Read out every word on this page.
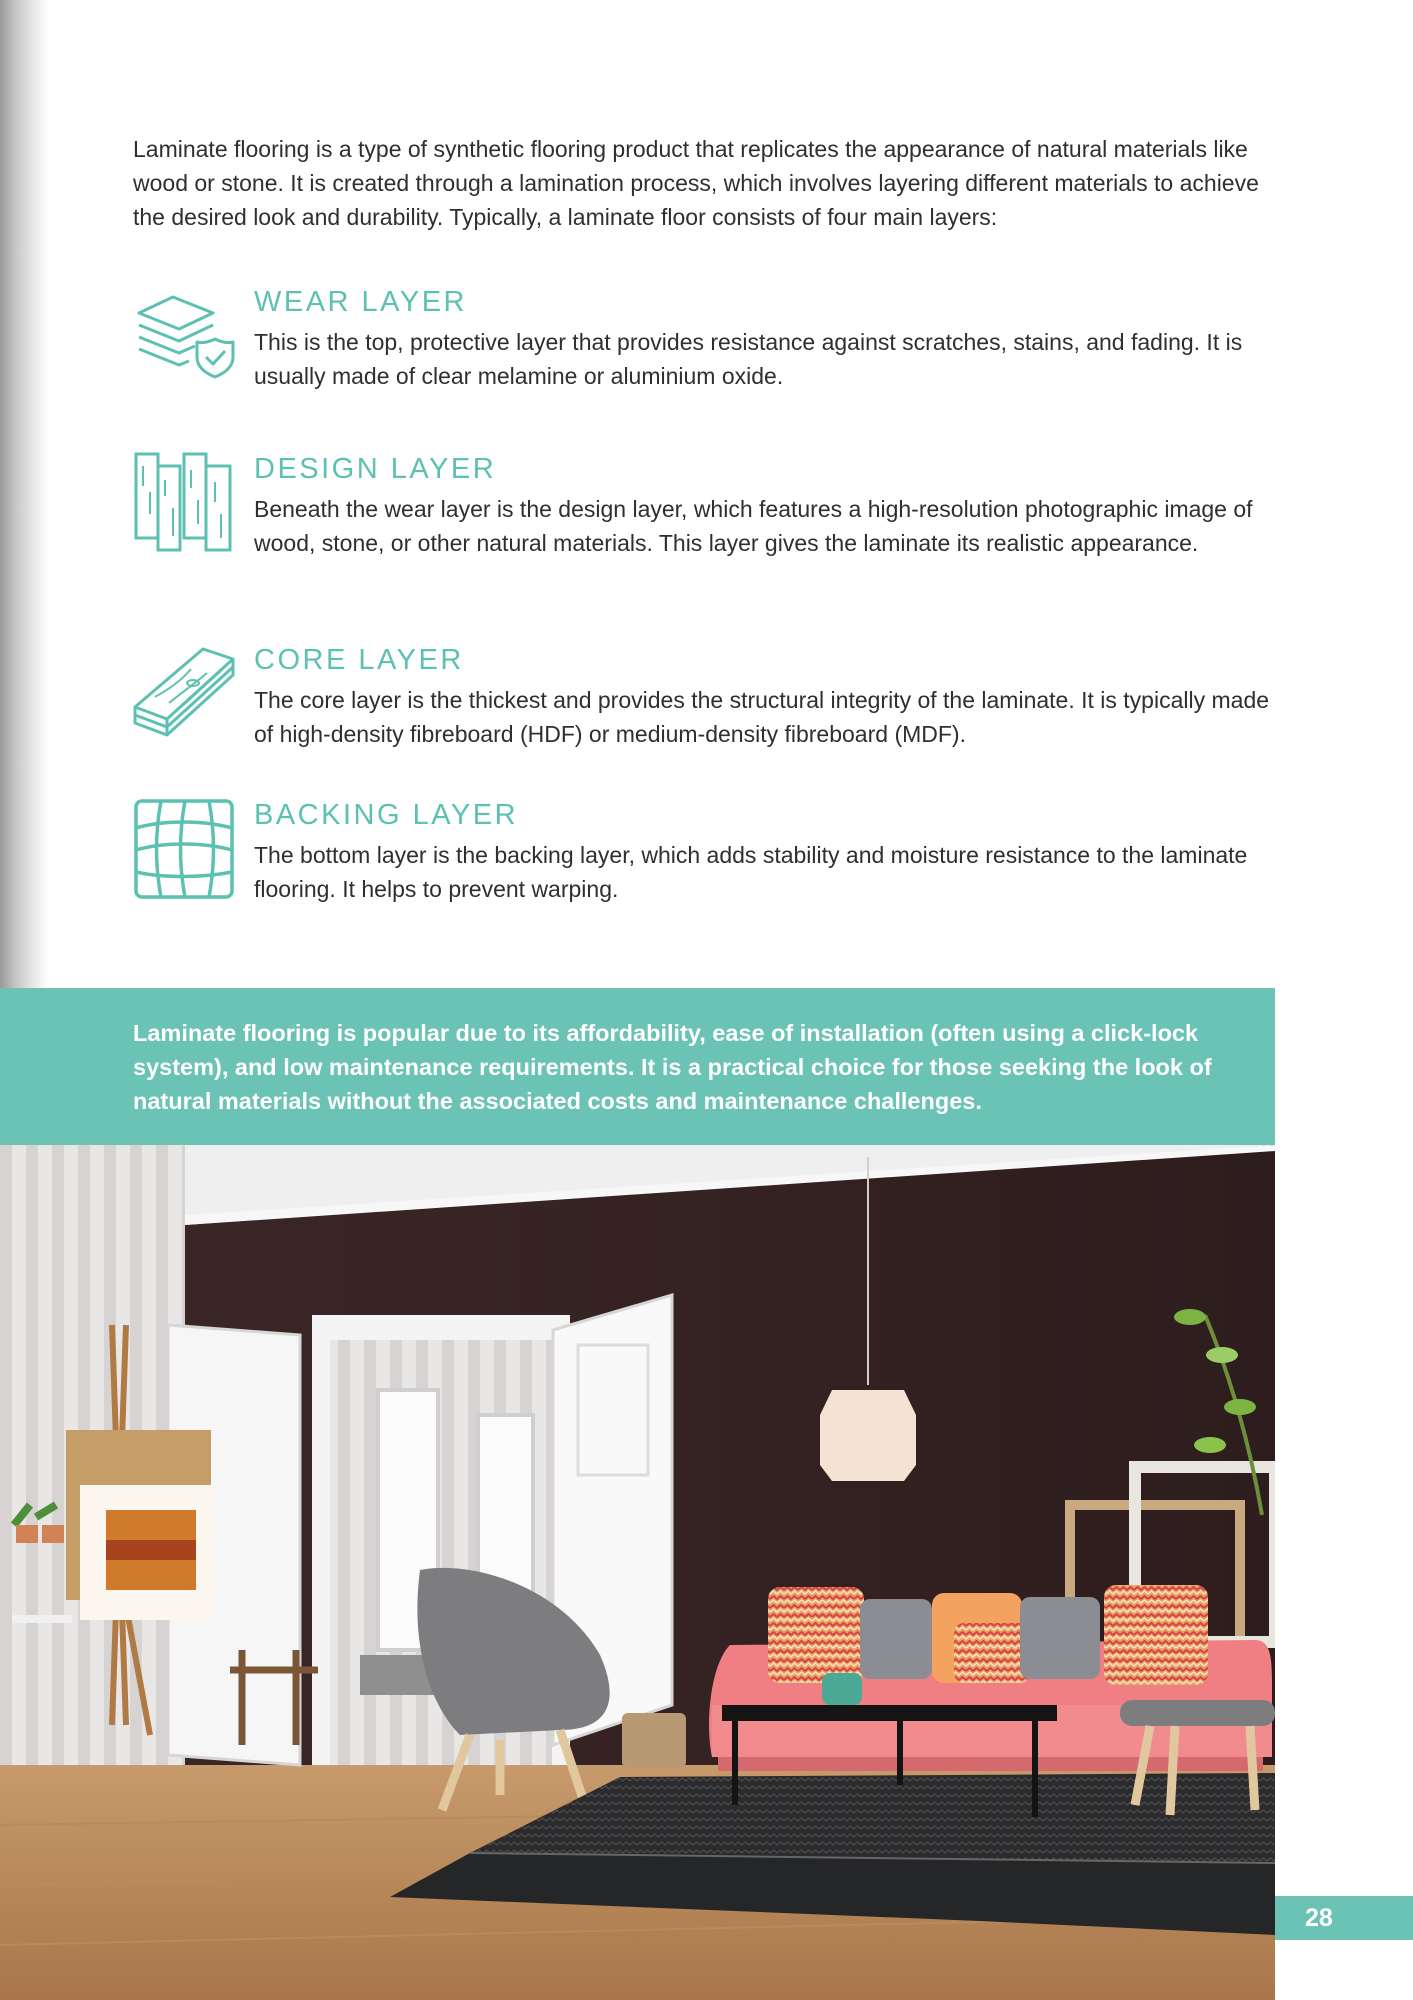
Laminate flooring is a type of synthetic flooring product that replicates the appearance of natural materials like wood or stone. It is created through a lamination process, which involves layering different materials to achieve the desired look and durability. Typically, a laminate floor consists of four main layers:

WEAR LAYER

This is the top, protective layer that provides resistance against scratches, stains, and fading. It is usually made of clear melamine or aluminium oxide.

DESIGN LAYER

Beneath the wear layer is the design layer, which features a high-resolution photographic image of wood, stone, or other natural materials. This layer gives the laminate its realistic appearance.

CORE LAYER

The core layer is the thickest and provides the structural integrity of the laminate. It is typically made of high-density fibreboard (HDF) or medium-density fibreboard (MDF).

BACKING LAYER

The bottom layer is the backing layer, which adds stability and moisture resistance to the laminate flooring. It helps to prevent warping.

Laminate flooring is popular due to its affordability, ease of installation (often using a click-lock system), and low maintenance requirements. It is a practical choice for those seeking the look of natural materials without the associated costs and maintenance challenges.

28
